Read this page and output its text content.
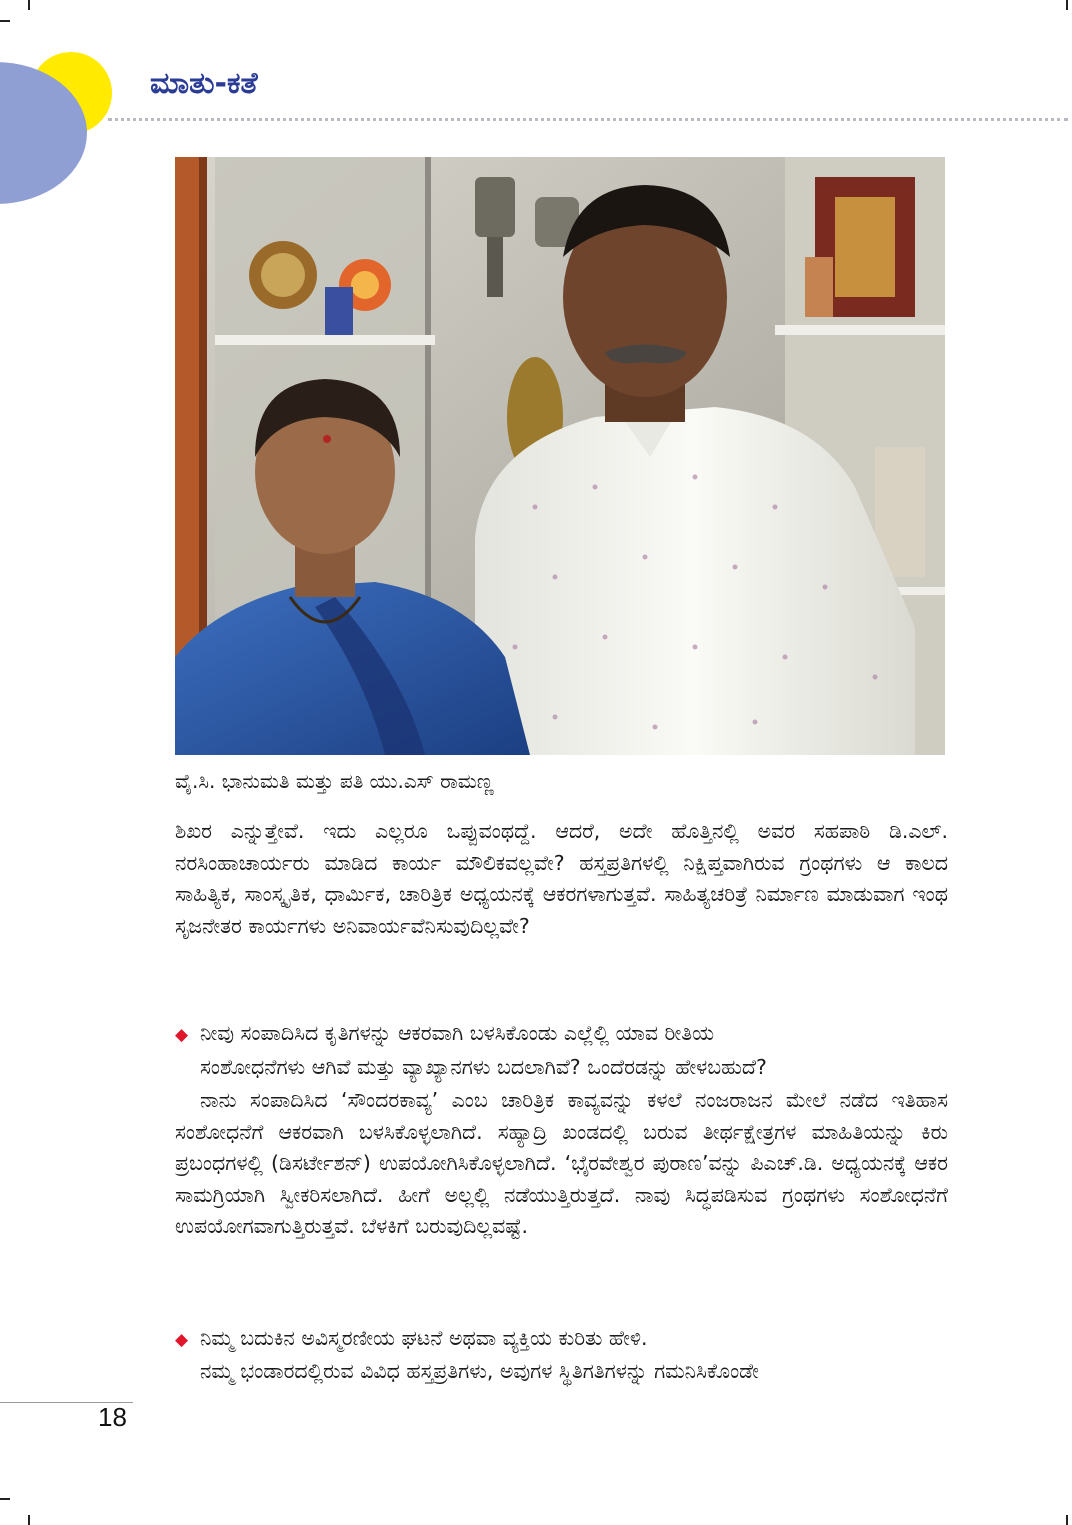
ಮಾತು-ಕತೆ

ವೈ.ಸಿ. ಭಾನುಮತಿ ಮತ್ತು ಪತಿ ಯು.ಎಸ್ ರಾಮಣ್ಣ

ಶಿಖರ ಎನ್ನುತ್ತೇವೆ. ಇದು ಎಲ್ಲರೂ ಒಪ್ಪುವಂಥದ್ದೆ. ಆದರೆ, ಅದೇ ಹೊತ್ತಿನಲ್ಲಿ ಅವರ ಸಹಪಾಠಿ ಡಿ.ಎಲ್. ನರಸಿಂಹಾಚಾರ್ಯರು ಮಾಡಿದ ಕಾರ್ಯ ಮೌಲಿಕವಲ್ಲವೇ? ಹಸ್ತಪ್ರತಿಗಳಲ್ಲಿ ನಿಕ್ಷಿಪ್ತವಾಗಿರುವ ಗ್ರಂಥಗಳು ಆ ಕಾಲದ ಸಾಹಿತ್ಯಿಕ, ಸಾಂಸ್ಕೃತಿಕ, ಧಾರ್ಮಿಕ, ಚಾರಿತ್ರಿಕ ಅಧ್ಯಯನಕ್ಕೆ ಆಕರಗಳಾಗುತ್ತವೆ. ಸಾಹಿತ್ಯಚರಿತ್ರೆ ನಿರ್ಮಾಣ ಮಾಡುವಾಗ ಇಂಥ ಸೃಜನೇತರ ಕಾರ್ಯಗಳು ಅನಿವಾರ್ಯವೆನಿಸುವುದಿಲ್ಲವೇ?

◆ ನೀವು ಸಂಪಾದಿಸಿದ ಕೃತಿಗಳನ್ನು ಆಕರವಾಗಿ ಬಳಸಿಕೊಂಡು ಎಲ್ಲೆಲ್ಲಿ ಯಾವ ರೀತಿಯ
ಸಂಶೋಧನೆಗಳು ಆಗಿವೆ ಮತ್ತು ವ್ಯಾಖ್ಯಾನಗಳು ಬದಲಾಗಿವೆ? ಒಂದೆರಡನ್ನು ಹೇಳಬಹುದೆ?

ನಾನು ಸಂಪಾದಿಸಿದ ‘ಸೌಂದರಕಾವ್ಯ’ ಎಂಬ ಚಾರಿತ್ರಿಕ ಕಾವ್ಯವನ್ನು ಕಳಲೆ ನಂಜರಾಜನ ಮೇಲೆ ನಡೆದ ಇತಿಹಾಸ ಸಂಶೋಧನೆಗೆ ಆಕರವಾಗಿ ಬಳಸಿಕೊಳ್ಳಲಾಗಿದೆ. ಸಹ್ಯಾದ್ರಿ ಖಂಡದಲ್ಲಿ ಬರುವ ತೀರ್ಥಕ್ಷೇತ್ರಗಳ ಮಾಹಿತಿಯನ್ನು ಕಿರು ಪ್ರಬಂಧಗಳಲ್ಲಿ (ಡಿಸರ್ಟೇಶನ್) ಉಪಯೋಗಿಸಿಕೊಳ್ಳಲಾಗಿದೆ. ‘ಭೈರವೇಶ್ವರ ಪುರಾಣ’ವನ್ನು ಪಿಎಚ್.ಡಿ. ಅಧ್ಯಯನಕ್ಕೆ ಆಕರ ಸಾಮಗ್ರಿಯಾಗಿ ಸ್ವೀಕರಿಸಲಾಗಿದೆ. ಹೀಗೆ ಅಲ್ಲಲ್ಲಿ ನಡೆಯುತ್ತಿರುತ್ತದೆ. ನಾವು ಸಿದ್ಧಪಡಿಸುವ ಗ್ರಂಥಗಳು ಸಂಶೋಧನೆಗೆ ಉಪಯೋಗವಾಗುತ್ತಿರುತ್ತವೆ. ಬೆಳಕಿಗೆ ಬರುವುದಿಲ್ಲವಷ್ಟೆ.

◆ ನಿಮ್ಮ ಬದುಕಿನ ಅವಿಸ್ಮರಣೀಯ ಘಟನೆ ಅಥವಾ ವ್ಯಕ್ತಿಯ ಕುರಿತು ಹೇಳಿ.

ನಮ್ಮ ಭಂಡಾರದಲ್ಲಿರುವ ವಿವಿಧ ಹಸ್ತಪ್ರತಿಗಳು, ಅವುಗಳ ಸ್ಥಿತಿಗತಿಗಳನ್ನು ಗಮನಿಸಿಕೊಂಡೇ

18
